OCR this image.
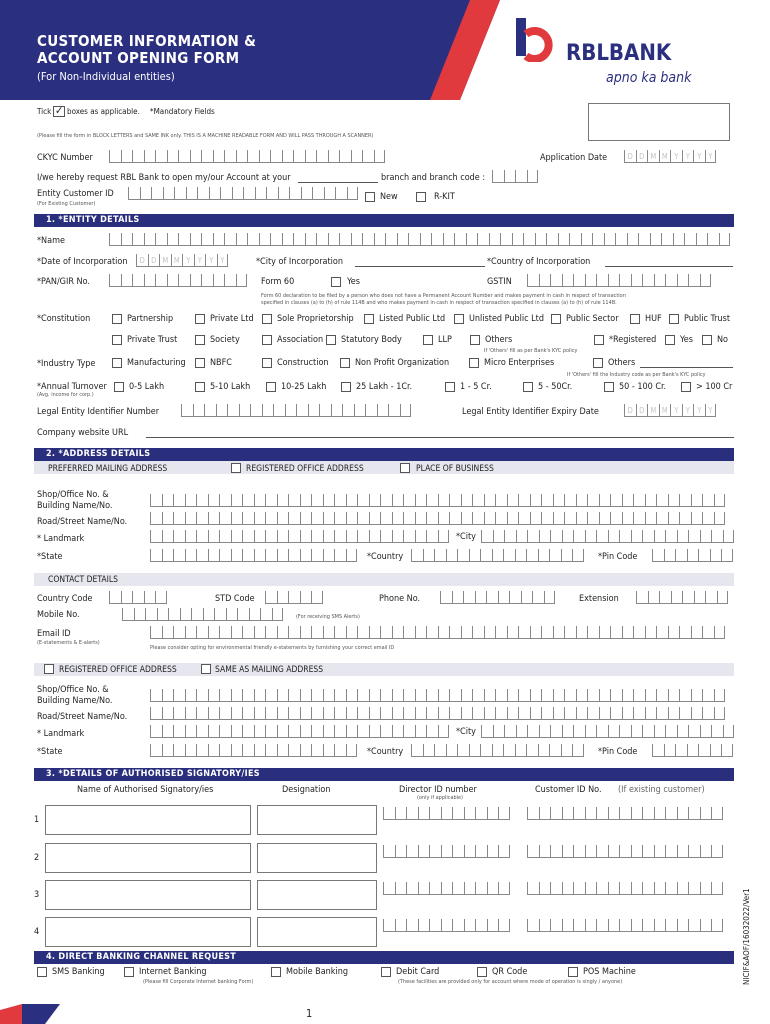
CUSTOMER INFORMATION &
ACCOUNT OPENING FORM
(For Non-Individual entities)
RBLBANK
apno ka bank
Tick ✓ boxes as applicable. *Mandatory Fields
(Please fill the form in BLOCK LETTERS and SAME INK only. THIS IS A MACHINE READABLE FORM AND WILL PASS THROUGH A SCANNER)
CKYC Number	Application Date	D D M M Y Y Y Y
I/we hereby request RBL Bank to open my/our Account at your	branch and branch code :
Entity Customer ID
(For Existing Customer)
New	R-KIT
1. *ENTITY DETAILS
*Name
*Date of Incorporation	D D M M Y Y Y Y	*City of Incorporation	*Country of Incorporation
*PAN/GIR No.	Form 60	Yes	GSTIN
Form 60 declaration to be filed by a person who does not have a Permanent Account Number and makes payment in cash in respect of transaction
specified in clauses (a) to (h) of rule 114B and who makes payment in cash in respect of transaction specified in clauses (a) to (h) of rule 114B.
*Constitution	Partnership	Private Ltd	Sole Proprietorship	Listed Public Ltd	Unlisted Public Ltd Public Sector	HUF Public Trust
Private Trust	Society	Association Statutory Body	LLP	Others	*Registered	Yes	No
If 'Others' fill as per Bank's KYC policy
*Industry Type	Manufacturing	NBFC	Construction	Non Profit Organization	Micro Enterprises	Others
If 'Others' fill the Industry code as per Bank's KYC policy
*Annual Turnover
(Avg. income for corp.)
0-5 Lakh	5-10 Lakh	10-25 Lakh	25 Lakh - 1Cr.	1 - 5 Cr.	5 - 50Cr.	50 - 100 Cr.	> 100 Cr
Legal Entity Identifier Number	Legal Entity Identifier Expiry Date	D D M M Y Y Y Y
Company website URL
2. *ADDRESS DETAILS
PREFERRED MAILING ADDRESS	REGISTERED OFFICE ADDRESS	PLACE OF BUSINESS
Shop/Office No. &
Building Name/No.
Road/Street Name/No.
* Landmark	*City
*State	*Country	*Pin Code
CONTACT DETAILS
Country Code	STD Code	Phone No.	Extension
Mobile No.	(For receiving SMS Alerts)
Email ID
(E-statements & E-alerts)
Please consider opting for environmental friendly e-statements by furnishing your correct email ID
REGISTERED OFFICE ADDRESS	SAME AS MAILING ADDRESS
Shop/Office No. &
Building Name/No.
Road/Street Name/No.
* Landmark	*City
*State	*Country	*Pin Code
3. *DETAILS OF AUTHORISED SIGNATORY/IES
Name of Authorised Signatory/ies	Designation	Director ID number
(only if applicable)
Customer ID No. (If existing customer)
1
2
3
4
4. DIRECT BANKING CHANNEL REQUEST
SMS Banking	Internet Banking	Mobile Banking	Debit Card	QR Code	POS Machine
(Please fill Corporate Internet banking Form)	(These facilities are provided only for account where mode of operation is singly / anyone)
1
NICIF&AOF/16032022/Ver1
